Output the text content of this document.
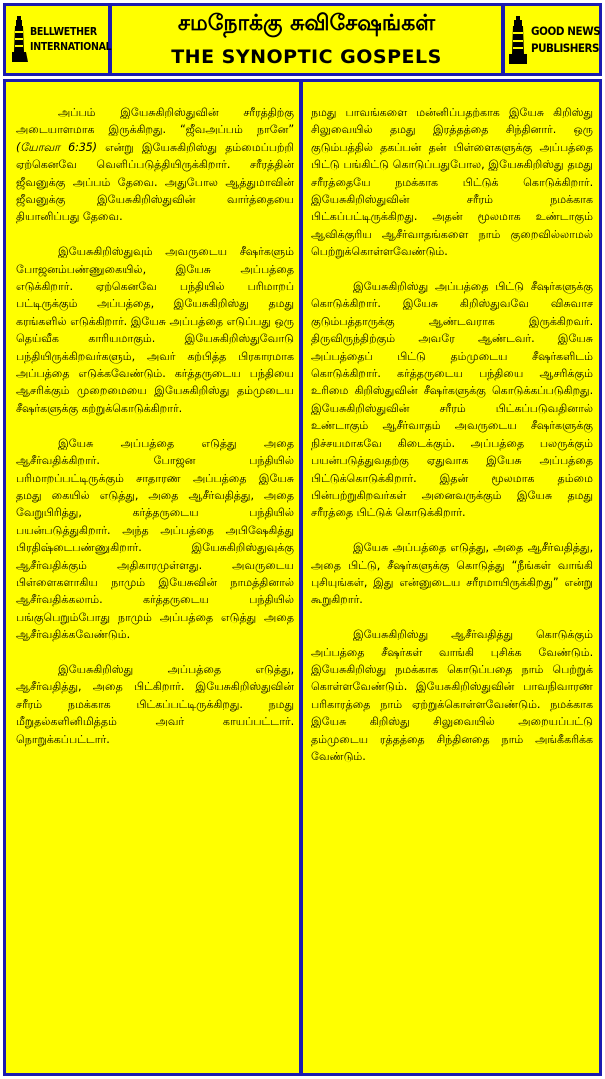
BELLWETHER
INTERNATIONAL
சமநோக்கு சுவிசேஷங்கள்
THE SYNOPTIC GOSPELS
GOOD NEWS
PUBLISHERS

அப்பம் இயேசுகிறிஸ்துவின் சரீரத்திற்கு அடையாளமாக இருக்கிறது. “ஜீவஅப்பம் நானே” (யோவா 6:35) என்று இயேசுகிறிஸ்து தம்மைப்பற்றி ஏற்கெனவே வெளிப்படுத்தியிருக்கிறார். சரீரத்தின் ஜீவனுக்கு அப்பம் தேவை. அதுபோல ஆத்துமாவின் ஜீவனுக்கு இயேசுகிறிஸ்துவின் வார்த்தையை தியானிப்பது தேவை.

இயேசுகிறிஸ்துவும் அவருடைய சீஷர்களும் போஜனம்பண்ணுகையில், இயேசு அப்பத்தை எடுக்கிறார். ஏற்கெனவே பந்தியில் பரிமாறப் பட்டிருக்கும் அப்பத்தை, இயேசுகிறிஸ்து தமது கரங்களில் எடுக்கிறார். இயேசு அப்பத்தை எடுப்பது ஒரு தெய்வீக காரியமாகும். இயேசுகிறிஸ்துவோடு பந்தியிருக்கிறவர்களும், அவர் கற்பித்த பிரகாரமாக அப்பத்தை எடுக்கவேண்டும். கர்த்தருடைய பந்தியை ஆசரிக்கும் முறைமையை இயேசுகிறிஸ்து தம்முடைய சீஷர்களுக்கு கற்றுக்கொடுக்கிறார்.

இயேசு அப்பத்தை எடுத்து அதை ஆசீர்வதிக்கிறார். போஜன பந்தியில் பரிமாறப்பட்டிருக்கும் சாதாரண அப்பத்தை இயேசு தமது கையில் எடுத்து, அதை ஆசீர்வதித்து, அதை வேறுபிரித்து, கர்த்தருடைய பந்தியில் பயன்படுத்துகிறார். அந்த அப்பத்தை அபிஷேகித்து பிரதிஷ்டைபண்ணுகிறார். இயேசுகிறிஸ்துவுக்கு ஆசீர்வதிக்கும் அதிகாரமுள்ளது. அவருடைய பிள்ளைகளாகிய நாமும் இயேசுவின் நாமத்தினால் ஆசீர்வதிக்கலாம். கர்த்தருடைய பந்தியில் பங்குபெறும்போது நாமும் அப்பத்தை எடுத்து அதை ஆசீர்வதிக்கவேண்டும்.

இயேசுகிறிஸ்து அப்பத்தை எடுத்து, ஆசீர்வதித்து, அதை பிட்கிறார். இயேசுகிறிஸ்துவின் சரீரம் நமக்காக பிட்கப்பட்டிருக்கிறது. நமது மீறுதல்களினிமித்தம் அவர் காயப்பட்டார். நொறுக்கப்பட்டார்.

நமது பாவங்களை மன்னிப்பதற்காக இயேசு கிறிஸ்து சிலுவையில் தமது இரத்தத்தை சிந்தினார். ஒரு குடும்பத்தில் தகப்பன் தன் பிள்ளைகளுக்கு அப்பத்தை பிட்டு பங்கிட்டு கொடுப்பதுபோல, இயேசுகிறிஸ்து தமது சரீரத்தையே நமக்காக பிட்டுக் கொடுக்கிறார். இயேசுகிறிஸ்துவின் சரீரம் நமக்காக பிட்கப்பட்டிருக்கிறது. அதன் மூலமாக உண்டாகும் ஆவிக்குரிய ஆசீர்வாதங்களை நாம் குறைவில்லாமல் பெற்றுக்கொள்ளவேண்டும்.

இயேசுகிறிஸ்து அப்பத்தை பிட்டு சீஷர்களுக்கு கொடுக்கிறார். இயேசு கிறிஸ்துவவே விசுவாச குடும்பத்தாருக்கு ஆண்டவராக இருக்கிறவர். திருவிருந்திற்கும் அவரே ஆண்டவர். இயேசு அப்பத்தைப் பிட்டு தம்முடைய சீஷர்களிடம் கொடுக்கிறார். கர்த்தருடைய பந்தியை ஆசரிக்கும் உரிமை கிறிஸ்துவின் சீஷர்களுக்கு கொடுக்கப்படுகிறது. இயேசுகிறிஸ்துவின் சரீரம் பிட்கப்படுவதினால் உண்டாகும் ஆசீர்வாதம் அவருடைய சீஷர்களுக்கு நிச்சயமாகவே கிடைக்கும். அப்பத்தை பலருக்கும் பயன்படுத்துவதற்கு ஏதுவாக இயேசு அப்பத்தை பிட்டுக்கொடுக்கிறார். இதன் மூலமாக தம்மை பின்பற்றுகிறவர்கள் அனைவருக்கும் இயேசு தமது சரீரத்தை பிட்டுக் கொடுக்கிறார்.

இயேசு அப்பத்தை எடுத்து, அதை ஆசீர்வதித்து, அதை பிட்டு, சீஷர்களுக்கு கொடுத்து “நீங்கள் வாங்கி புசியுங்கள், இது என்னுடைய சரீரமாயிருக்கிறது” என்று கூறுகிறார்.

இயேசுகிறிஸ்து ஆசீர்வதித்து கொடுக்கும் அப்பத்தை சீஷர்கள் வாங்கி புசிக்க வேண்டும். இயேசுகிறிஸ்து நமக்காக கொடுப்பதை நாம் பெற்றுக் கொள்ளவேண்டும். இயேசுகிறிஸ்துவின் பாவநிவாரண பரிகாரத்தை நாம் ஏற்றுக்கொள்ளவேண்டும். நமக்காக இயேசு கிறிஸ்து சிலுவையில் அறையப்பட்டு தம்முடைய ரத்தத்தை சிந்தினதை நாம் அங்கீகரிக்க வேண்டும்.
